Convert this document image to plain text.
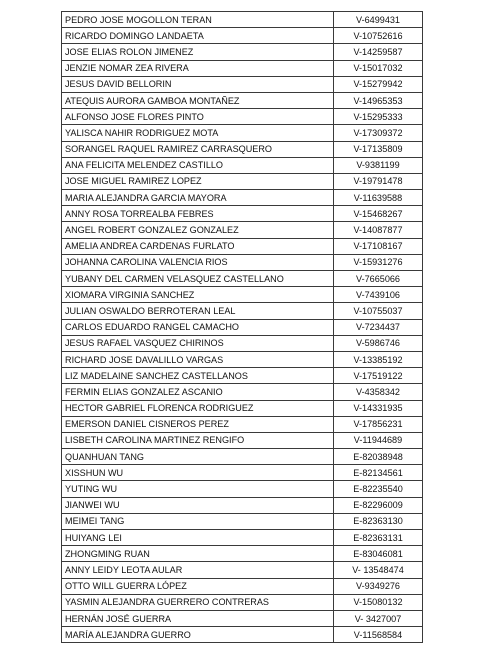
PEDRO JOSE MOGOLLON TERAN	V-6499431
RICARDO DOMINGO LANDAETA	V-10752616
JOSE ELIAS ROLON JIMENEZ	V-14259587
JENZIE NOMAR ZEA RIVERA	V-15017032
JESUS DAVID BELLORIN	V-15279942
ATEQUIS AURORA GAMBOA MONTAÑEZ	V-14965353
ALFONSO JOSE FLORES PINTO	V-15295333
YALISCA NAHIR RODRIGUEZ MOTA	V-17309372
SORANGEL RAQUEL RAMIREZ CARRASQUERO	V-17135809
ANA FELICITA MELENDEZ CASTILLO	V-9381199
JOSE MIGUEL RAMIREZ LOPEZ	V-19791478
MARIA ALEJANDRA GARCIA MAYORA	V-11639588
ANNY ROSA TORREALBA FEBRES	V-15468267
ANGEL ROBERT GONZALEZ GONZALEZ	V-14087877
AMELIA ANDREA CARDENAS FURLATO	V-17108167
JOHANNA CAROLINA VALENCIA RIOS	V-15931276
YUBANY DEL CARMEN VELASQUEZ CASTELLANO	V-7665066
XIOMARA VIRGINIA SANCHEZ	V-7439106
JULIAN OSWALDO BERROTERAN LEAL	V-10755037
CARLOS EDUARDO RANGEL CAMACHO	V-7234437
JESUS RAFAEL VASQUEZ CHIRINOS	V-5986746
RICHARD JOSE DAVALILLO VARGAS	V-13385192
LIZ MADELAINE SANCHEZ CASTELLANOS	V-17519122
FERMIN ELIAS GONZALEZ ASCANIO	V-4358342
HECTOR GABRIEL FLORENCA RODRIGUEZ	V-14331935
EMERSON DANIEL CISNEROS PEREZ	V-17856231
LISBETH CAROLINA MARTINEZ RENGIFO	V-11944689
QUANHUAN TANG	E-82038948
XISSHUN WU	E-82134561
YUTING WU	E-82235540
JIANWEI WU	E-82296009
MEIMEI TANG	E-82363130
HUIYANG LEI	E-82363131
ZHONGMING RUAN	E-83046081
ANNY LEIDY LEOTA AULAR	V- 13548474
OTTO WILL GUERRA LÓPEZ	V-9349276
YASMIN ALEJANDRA GUERRERO CONTRERAS	V-15080132
HERNÁN JOSÉ GUERRA	V- 3427007
MARÍA ALEJANDRA GUERRO	V-11568584
